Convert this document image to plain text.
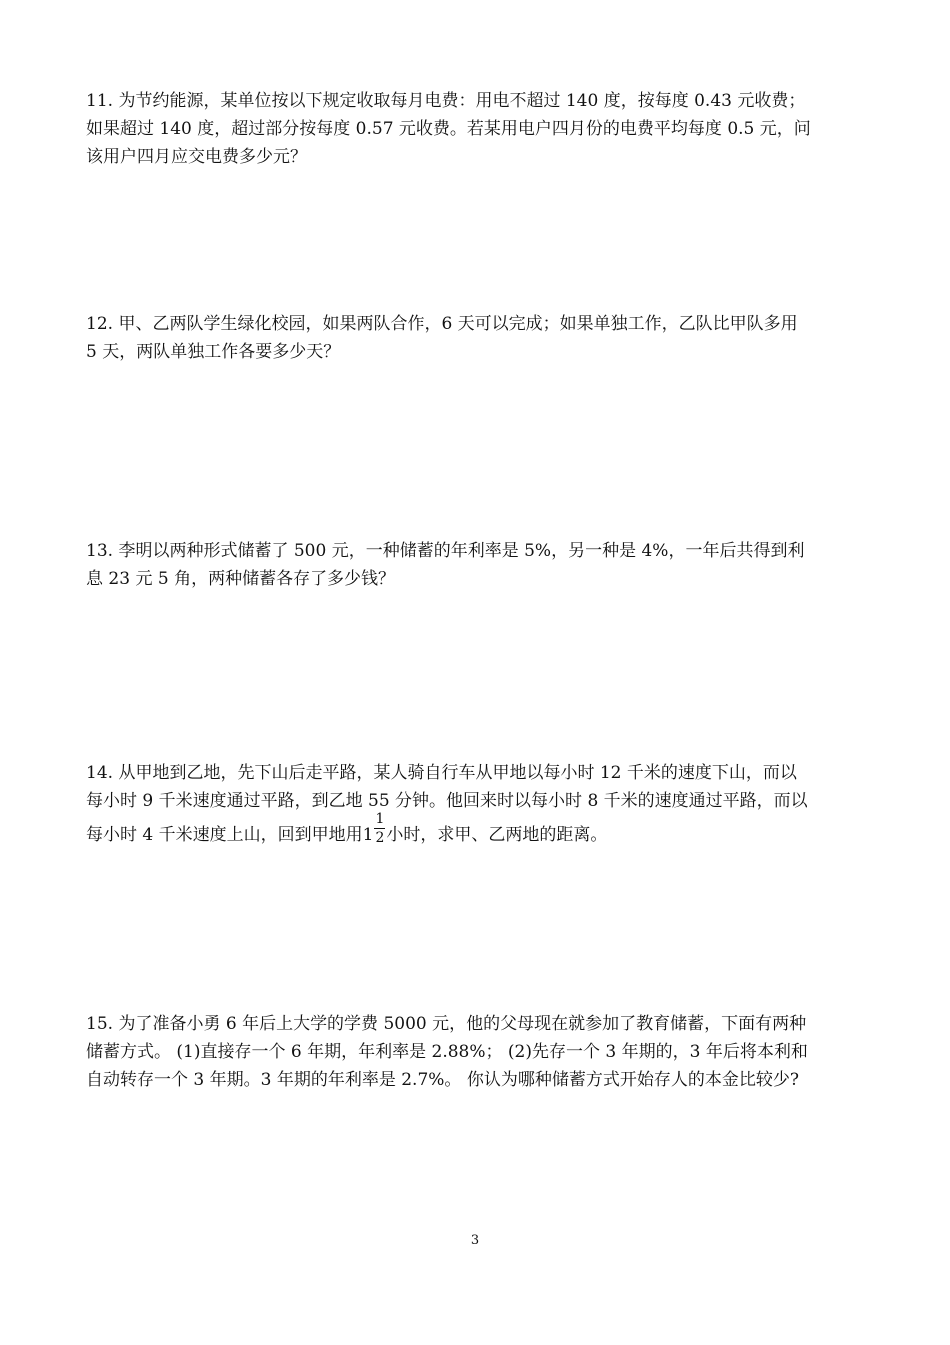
11. 为节约能源，某单位按以下规定收取每月电费：用电不超过 140 度，按每度 0.43 元收费；
如果超过 140 度，超过部分按每度 0.57 元收费。若某用电户四月份的电费平均每度 0.5 元，问
该用户四月应交电费多少元？
12. 甲、乙两队学生绿化校园，如果两队合作，6 天可以完成；如果单独工作，乙队比甲队多用
5 天，两队单独工作各要多少天？
13. 李明以两种形式储蓄了 500 元，一种储蓄的年利率是 5%，另一种是 4%，一年后共得到利
息 23 元 5 角，两种储蓄各存了多少钱？
14. 从甲地到乙地，先下山后走平路，某人骑自行车从甲地以每小时 12 千米的速度下山，而以
每小时 9 千米速度通过平路，到乙地 55 分钟。他回来时以每小时 8 千米的速度通过平路，而以
每小时 4 千米速度上山，回到甲地用$1 \frac{1}{2}$ 小时，求甲、乙两地的距离。
15. 为了准备小勇 6 年后上大学的学费 5000 元，他的父母现在就参加了教育储蓄，下面有两种
储蓄方式。 (1)直接存一个 6 年期，年利率是 2.88%； (2)先存一个 3 年期的，3 年后将本利和
自动转存一个 3 年期。3 年期的年利率是 2.7%。 你认为哪种储蓄方式开始存人的本金比较少?
3
